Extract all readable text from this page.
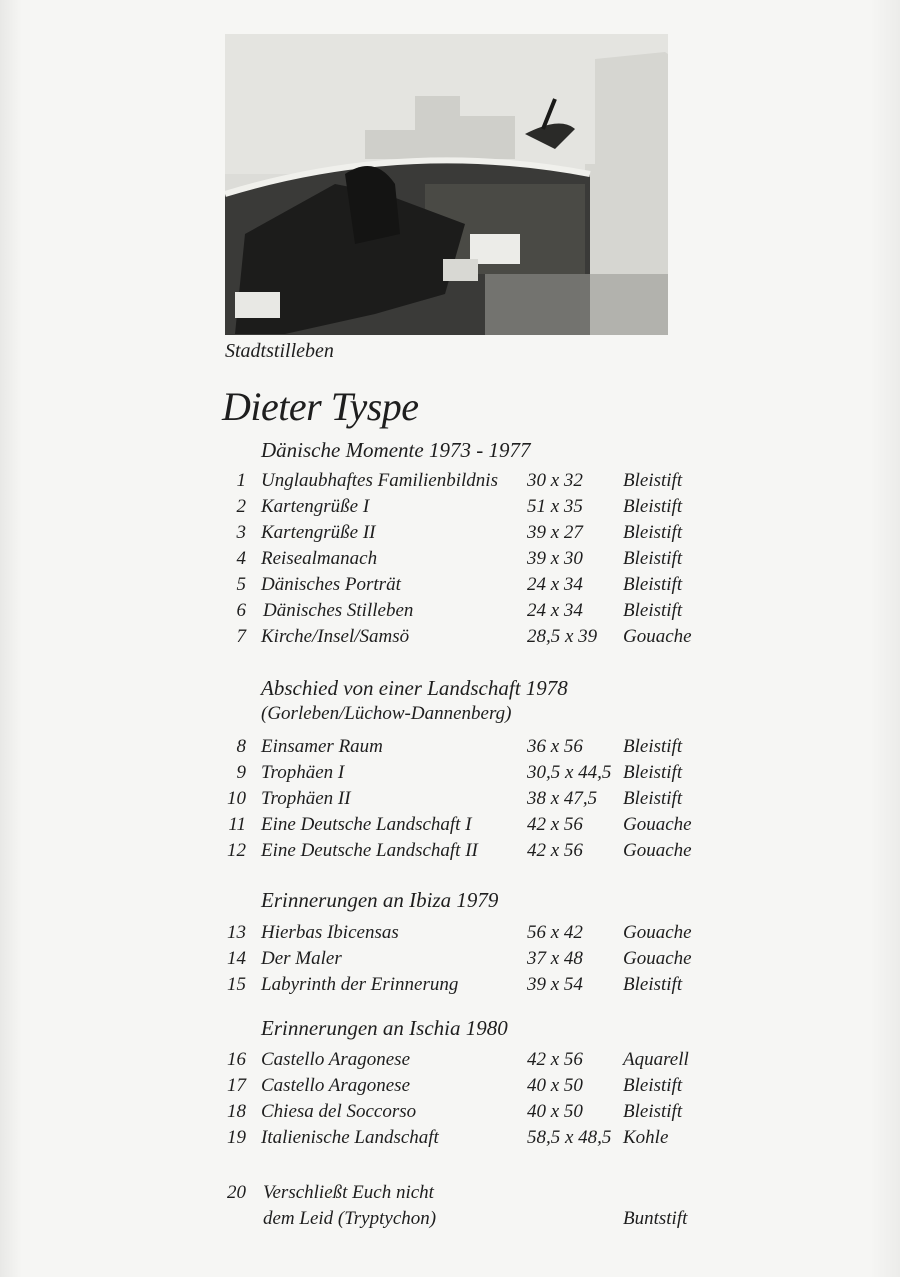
Stadtstilleben
Dieter Tyspe
Dänische Momente 1973 - 1977
1 Unglaubhaftes Familienbildnis 30 x 32 Bleistift
2 Kartengrüße I	51 x 35 Bleistift
3 Kartengrüße II	39 x 27 Bleistift
4 Reisealmanach	39 x 30 Bleistift
5 Dänisches Porträt	24 x 34 Bleistift
6 Dänisches Stilleben	24 x 34 Bleistift
7 Kirche/Insel/Samsö	28,5 x 39 Gouache
Abschied von einer Landschaft 1978
(Gorleben/Lüchow-Dannenberg)
8 Einsamer Raum	36 x 56 Bleistift
9 Trophäen I	30,5 x 44,5 Bleistift
10 Trophäen II	38 x 47,5 Bleistift
11 Eine Deutsche Landschaft I	42 x 56 Gouache
12 Eine Deutsche Landschaft II	42 x 56 Gouache
Erinnerungen an Ibiza 1979
13 Hierbas Ibicensas	56 x 42 Gouache
14 Der Maler	37 x 48 Gouache
15 Labyrinth der Erinnerung	39 x 54 Bleistift
Erinnerungen an Ischia 1980
16 Castello Aragonese	42 x 56 Aquarell
17 Castello Aragonese	40 x 50 Bleistift
18 Chiesa del Soccorso	40 x 50 Bleistift
19 Italienische Landschaft	58,5 x 48,5 Kohle
20 Verschließt Euch nicht
dem Leid (Tryptychon)	Buntstift
